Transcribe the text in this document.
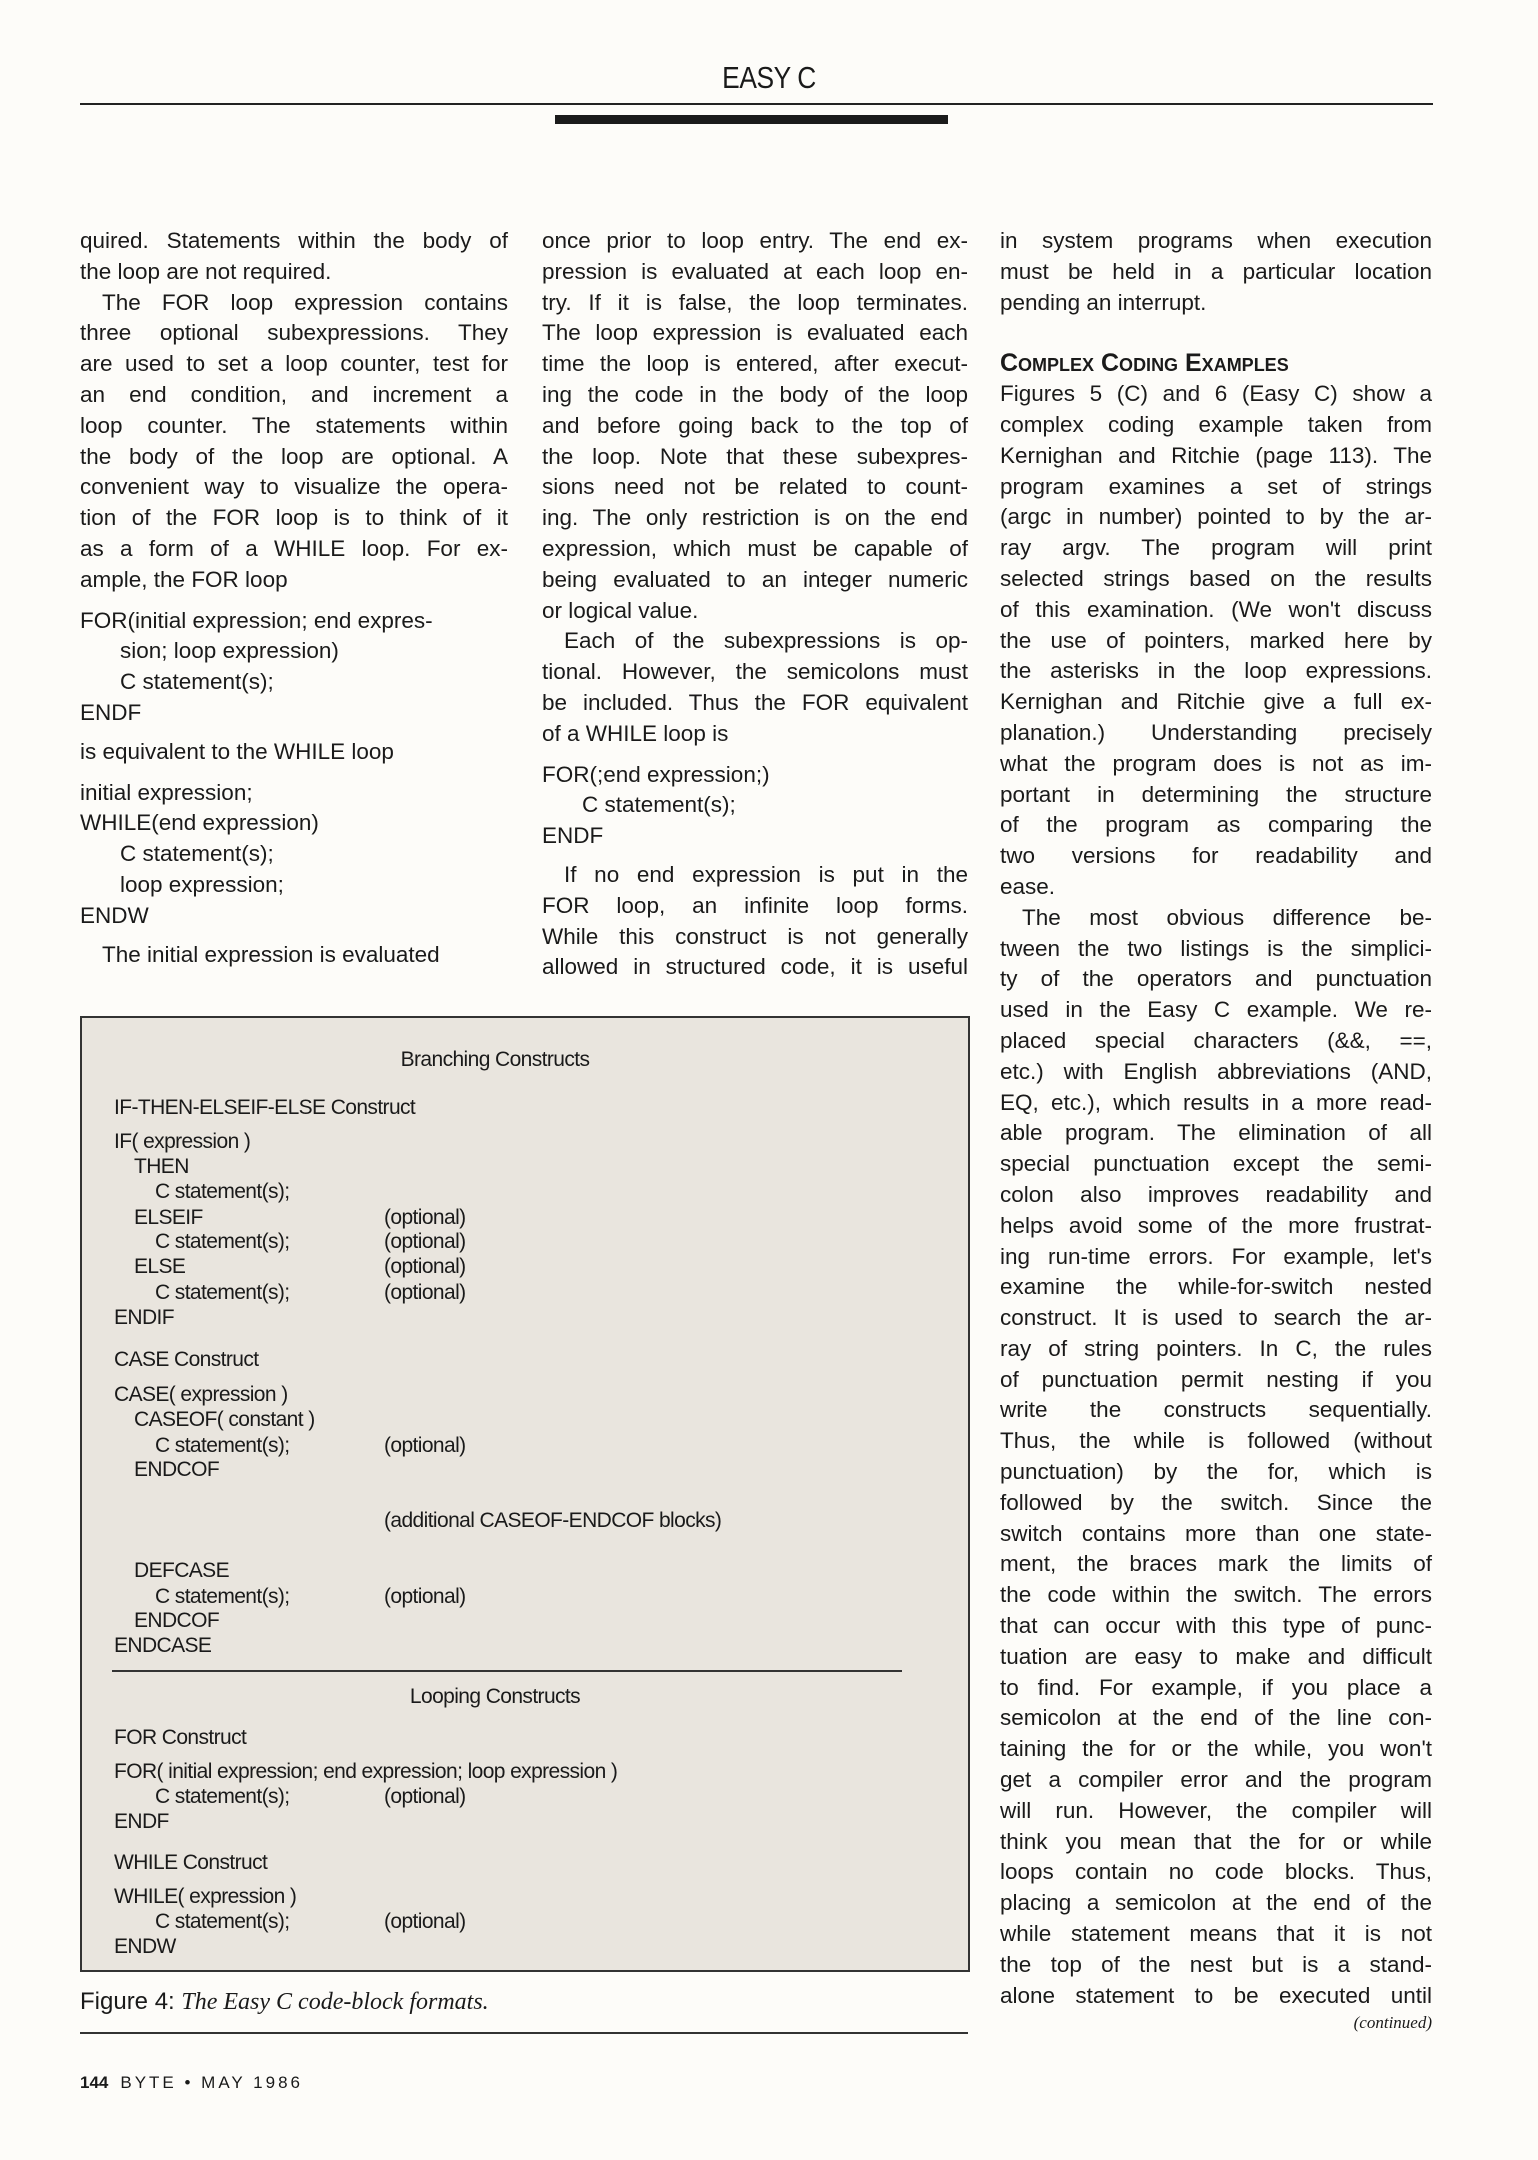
EASY C
quired. Statements within the body of
the loop are not required.
The FOR loop expression contains
three optional subexpressions. They
are used to set a loop counter, test for
an end condition, and increment a
loop counter. The statements within
the body of the loop are optional. A
convenient way to visualize the opera-
tion of the FOR loop is to think of it
as a form of a WHILE loop. For ex-
ample, the FOR loop
FOR(initial expression; end expres-
sion; loop expression)
C statement(s);
ENDF
is equivalent to the WHILE loop
initial expression;
WHILE(end expression)
C statement(s);
loop expression;
ENDW
The initial expression is evaluated
once prior to loop entry. The end ex-
pression is evaluated at each loop en-
try. If it is false, the loop terminates.
The loop expression is evaluated each
time the loop is entered, after execut-
ing the code in the body of the loop
and before going back to the top of
the loop. Note that these subexpres-
sions need not be related to count-
ing. The only restriction is on the end
expression, which must be capable of
being evaluated to an integer numeric
or logical value.
Each of the subexpressions is op-
tional. However, the semicolons must
be included. Thus the FOR equivalent
of a WHILE loop is
FOR(;end expression;)
C statement(s);
ENDF
If no end expression is put in the
FOR loop, an infinite loop forms.
While this construct is not generally
allowed in structured code, it is useful
in system programs when execution
must be held in a particular location
pending an interrupt.
Complex Coding Examples
Figures 5 (C) and 6 (Easy C) show a
complex coding example taken from
Kernighan and Ritchie (page 113). The
program examines a set of strings
(argc in number) pointed to by the ar-
ray argv. The program will print
selected strings based on the results
of this examination. (We won't discuss
the use of pointers, marked here by
the asterisks in the loop expressions.
Kernighan and Ritchie give a full ex-
planation.) Understanding precisely
what the program does is not as im-
portant in determining the structure
of the program as comparing the
two versions for readability and
ease.
The most obvious difference be-
tween the two listings is the simplici-
ty of the operators and punctuation
used in the Easy C example. We re-
placed special characters (&&, ==,
etc.) with English abbreviations (AND,
EQ, etc.), which results in a more read-
able program. The elimination of all
special punctuation except the semi-
colon also improves readability and
helps avoid some of the more frustrat-
ing run-time errors. For example, let's
examine the while-for-switch nested
construct. It is used to search the ar-
ray of string pointers. In C, the rules
of punctuation permit nesting if you
write the constructs sequentially.
Thus, the while is followed (without
punctuation) by the for, which is
followed by the switch. Since the
switch contains more than one state-
ment, the braces mark the limits of
the code within the switch. The errors
that can occur with this type of punc-
tuation are easy to make and difficult
to find. For example, if you place a
semicolon at the end of the line con-
taining the for or the while, you won't
get a compiler error and the program
will run. However, the compiler will
think you mean that the for or while
loops contain no code blocks. Thus,
placing a semicolon at the end of the
while statement means that it is not
the top of the nest but is a stand-
alone statement to be executed until
(continued)
Branching Constructs
IF-THEN-ELSEIF-ELSE Construct
IF( expression )
THEN
C statement(s);
ELSEIF	(optional)
C statement(s);	(optional)
ELSE	(optional)
C statement(s);	(optional)
ENDIF
CASE Construct
CASE( expression )
CASEOF( constant )
C statement(s);	(optional)
ENDCOF
(additional CASEOF-ENDCOF blocks)
DEFCASE
C statement(s);	(optional)
ENDCOF
ENDCASE
Looping Constructs
FOR Construct
FOR( initial expression; end expression; loop expression )
C statement(s);	(optional)
ENDF
WHILE Construct
WHILE( expression )
C statement(s);	(optional)
ENDW
Figure 4: The Easy C code-block formats.
144 BYTE • MAY 1986
